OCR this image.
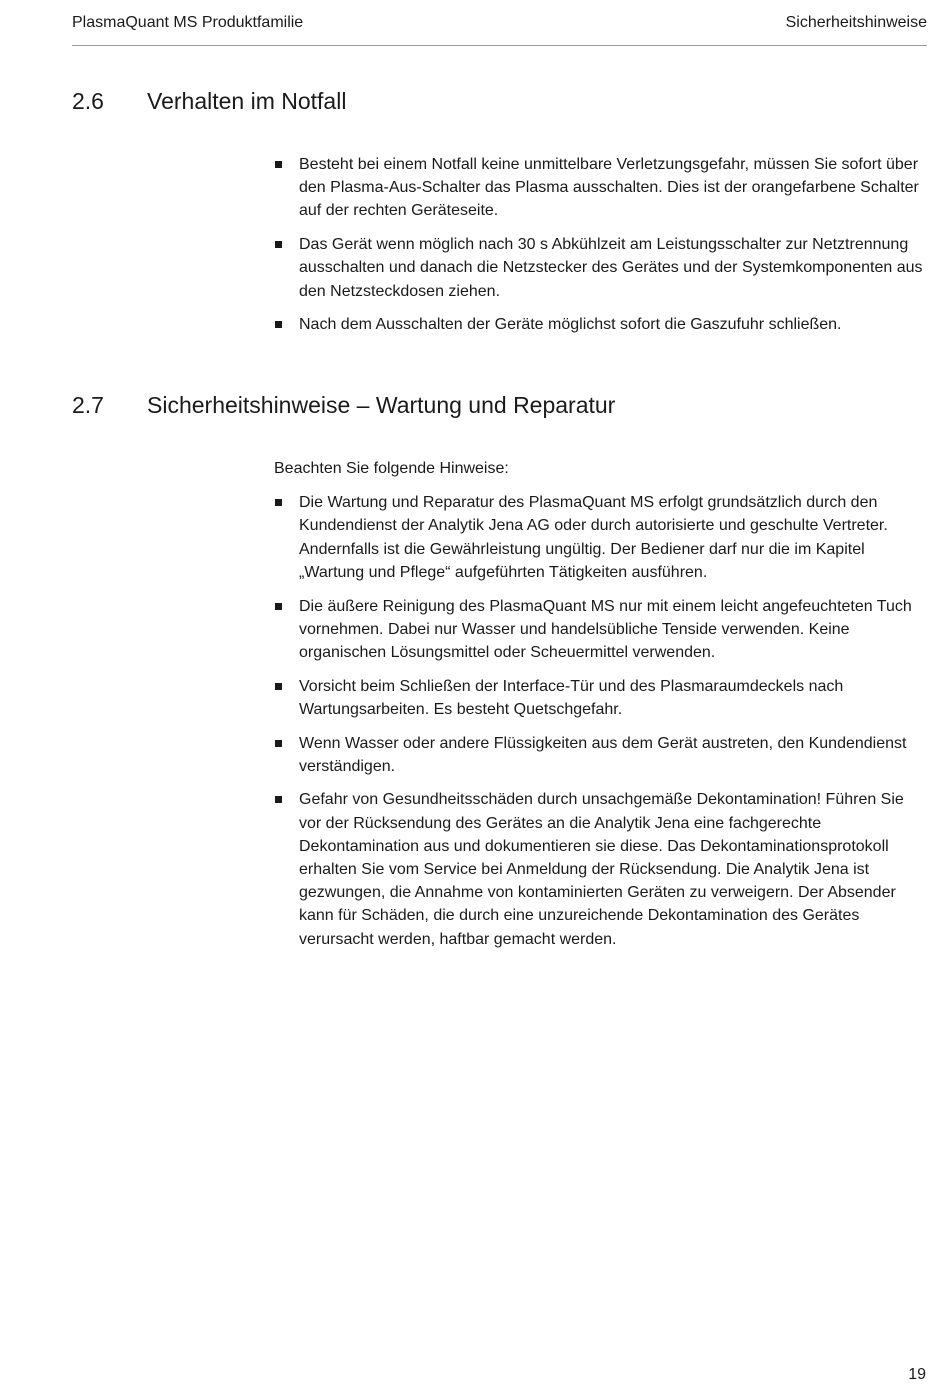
PlasmaQuant MS Produktfamilie	Sicherheitshinweise
2.6 Verhalten im Notfall
Besteht bei einem Notfall keine unmittelbare Verletzungsgefahr, müssen Sie sofort über den Plasma-Aus-Schalter das Plasma ausschalten. Dies ist der orangefarbene Schalter auf der rechten Geräteseite.
Das Gerät wenn möglich nach 30 s Abkühlzeit am Leistungsschalter zur Netztrennung ausschalten und danach die Netzstecker des Gerätes und der Systemkomponenten aus den Netzsteckdosen ziehen.
Nach dem Ausschalten der Geräte möglichst sofort die Gaszufuhr schließen.
2.7 Sicherheitshinweise – Wartung und Reparatur

Beachten Sie folgende Hinweise:

Die Wartung und Reparatur des PlasmaQuant MS erfolgt grundsätzlich durch den Kundendienst der Analytik Jena AG oder durch autorisierte und geschulte Vertreter. Andernfalls ist die Gewährleistung ungültig. Der Bediener darf nur die im Kapitel „Wartung und Pflege“ aufgeführten Tätigkeiten ausführen.
Die äußere Reinigung des PlasmaQuant MS nur mit einem leicht angefeuchteten Tuch vornehmen. Dabei nur Wasser und handelsübliche Tenside verwenden. Keine organischen Lösungsmittel oder Scheuermittel verwenden.
Vorsicht beim Schließen der Interface-Tür und des Plasmaraumdeckels nach Wartungsarbeiten. Es besteht Quetschgefahr.
Wenn Wasser oder andere Flüssigkeiten aus dem Gerät austreten, den Kundendienst verständigen.
Gefahr von Gesundheitsschäden durch unsachgemäße Dekontamination! Führen Sie vor der Rücksendung des Gerätes an die Analytik Jena eine fachgerechte Dekontamination aus und dokumentieren sie diese. Das Dekontaminationsprotokoll erhalten Sie vom Service bei Anmeldung der Rücksendung. Die Analytik Jena ist gezwungen, die Annahme von kontaminierten Geräten zu verweigern. Der Absender kann für Schäden, die durch eine unzureichende Dekontamination des Gerätes verursacht werden, haftbar gemacht werden.
19
